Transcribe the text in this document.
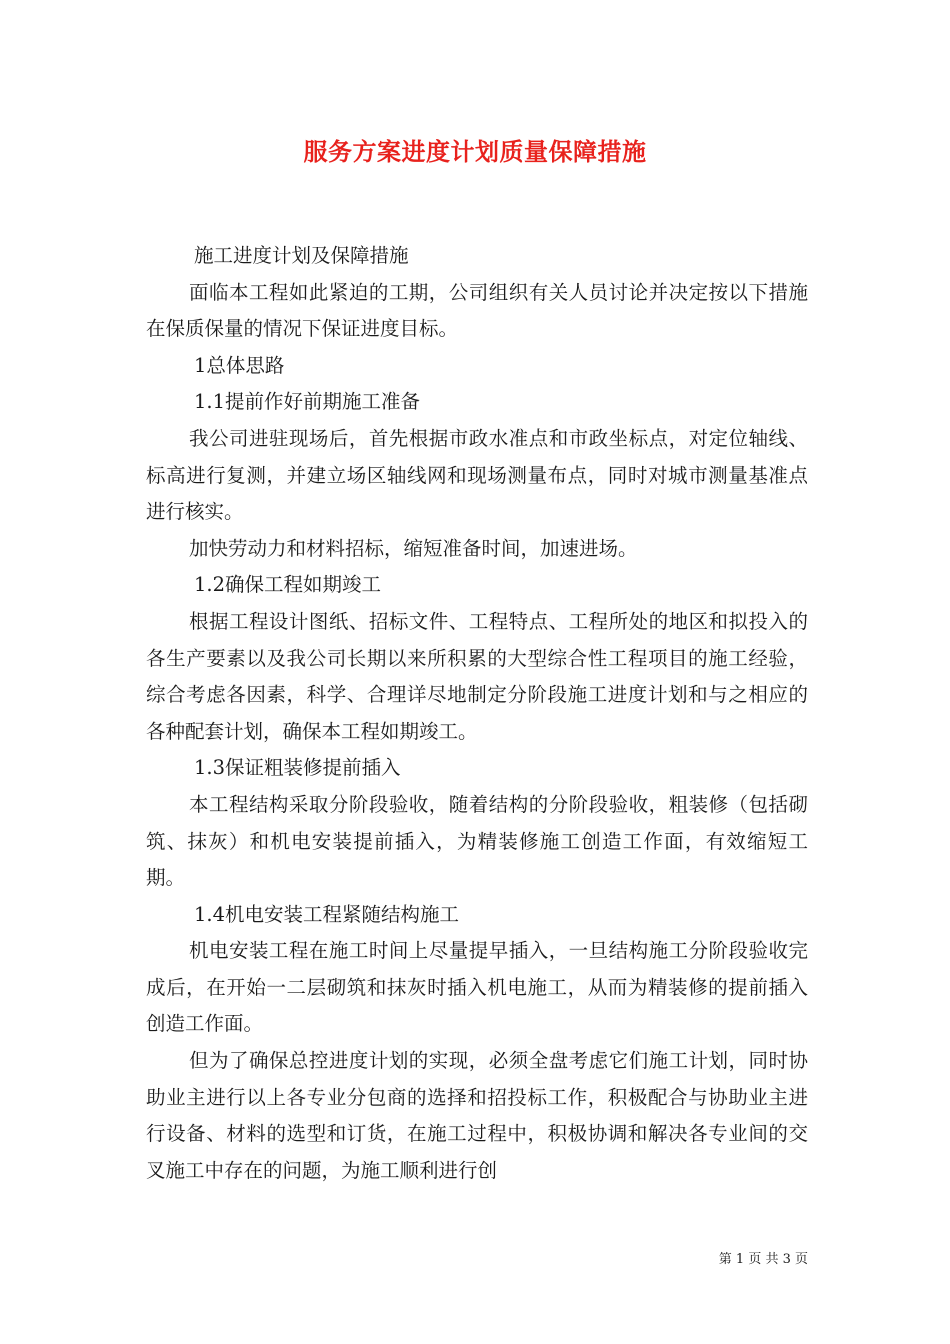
服务方案进度计划质量保障措施

施工进度计划及保障措施

面临本工程如此紧迫的工期，公司组织有关人员讨论并决定按以下措施在保质保量的情况下保证进度目标。

1总体思路

1.1提前作好前期施工准备

我公司进驻现场后，首先根据市政水准点和市政坐标点，对定位轴线、标高进行复测，并建立场区轴线网和现场测量布点，同时对城市测量基准点进行核实。

加快劳动力和材料招标，缩短准备时间，加速进场。

1.2确保工程如期竣工

根据工程设计图纸、招标文件、工程特点、工程所处的地区和拟投入的各生产要素以及我公司长期以来所积累的大型综合性工程项目的施工经验，综合考虑各因素，科学、合理详尽地制定分阶段施工进度计划和与之相应的各种配套计划，确保本工程如期竣工。

1.3保证粗装修提前插入

本工程结构采取分阶段验收，随着结构的分阶段验收，粗装修（包括砌筑、抹灰）和机电安装提前插入，为精装修施工创造工作面，有效缩短工期。

1.4机电安装工程紧随结构施工

机电安装工程在施工时间上尽量提早插入，一旦结构施工分阶段验收完成后，在开始一二层砌筑和抹灰时插入机电施工，从而为精装修的提前插入创造工作面。

但为了确保总控进度计划的实现，必须全盘考虑它们施工计划，同时协助业主进行以上各专业分包商的选择和招投标工作，积极配合与协助业主进行设备、材料的选型和订货，在施工过程中，积极协调和解决各专业间的交叉施工中存在的问题，为施工顺利进行创

第 1 页 共 3 页
